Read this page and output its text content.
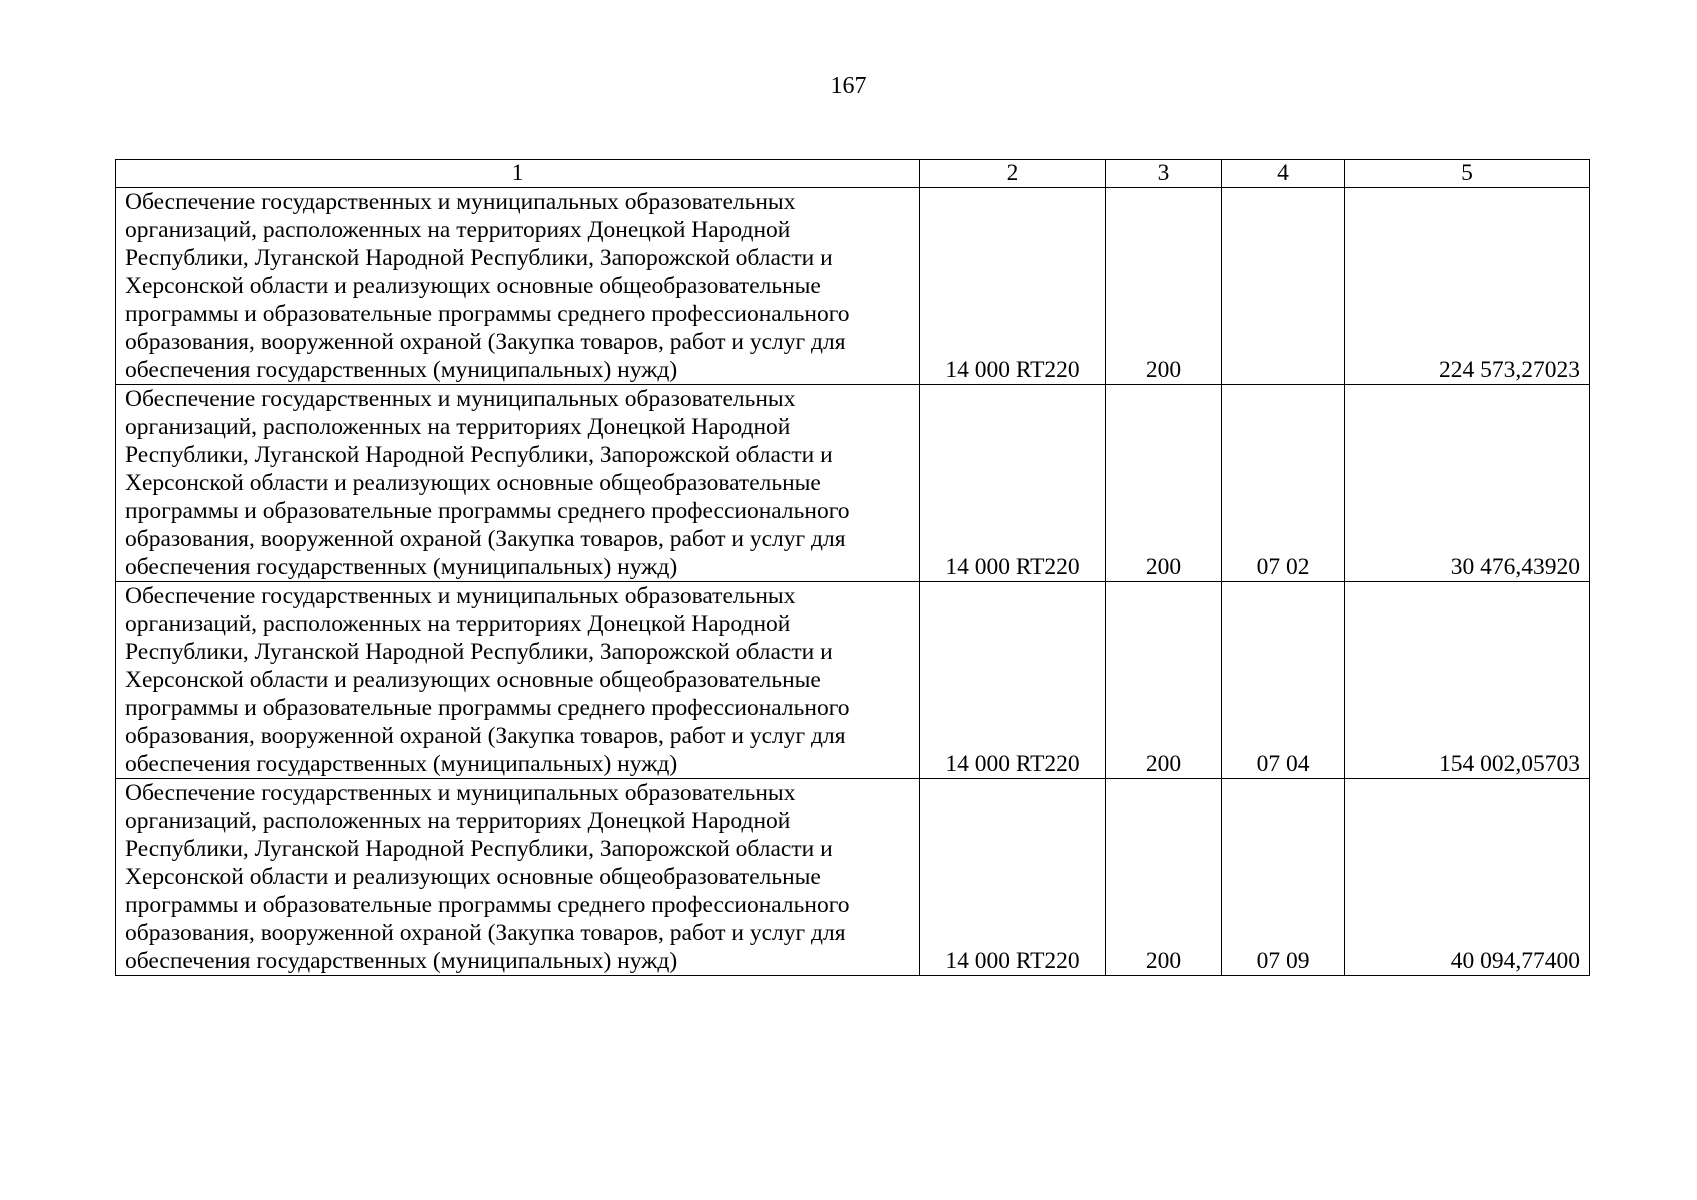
167
1	2	3	4	5
Обеспечение государственных и муниципальных образовательных организаций, расположенных на территориях Донецкой Народной Республики, Луганской Народной Республики, Запорожской области и Херсонской области и реализующих основные общеобразовательные программы и образовательные программы среднего профессионального образования, вооруженной охраной (Закупка товаров, работ и услуг для обеспечения государственных (муниципальных) нужд)	14 000 RT220	200		224 573,27023
Обеспечение государственных и муниципальных образовательных организаций, расположенных на территориях Донецкой Народной Республики, Луганской Народной Республики, Запорожской области и Херсонской области и реализующих основные общеобразовательные программы и образовательные программы среднего профессионального образования, вооруженной охраной (Закупка товаров, работ и услуг для обеспечения государственных (муниципальных) нужд)	14 000 RT220	200	07 02	30 476,43920
Обеспечение государственных и муниципальных образовательных организаций, расположенных на территориях Донецкой Народной Республики, Луганской Народной Республики, Запорожской области и Херсонской области и реализующих основные общеобразовательные программы и образовательные программы среднего профессионального образования, вооруженной охраной (Закупка товаров, работ и услуг для обеспечения государственных (муниципальных) нужд)	14 000 RT220	200	07 04	154 002,05703
Обеспечение государственных и муниципальных образовательных организаций, расположенных на территориях Донецкой Народной Республики, Луганской Народной Республики, Запорожской области и Херсонской области и реализующих основные общеобразовательные программы и образовательные программы среднего профессионального образования, вооруженной охраной (Закупка товаров, работ и услуг для обеспечения государственных (муниципальных) нужд)	14 000 RT220	200	07 09	40 094,77400
